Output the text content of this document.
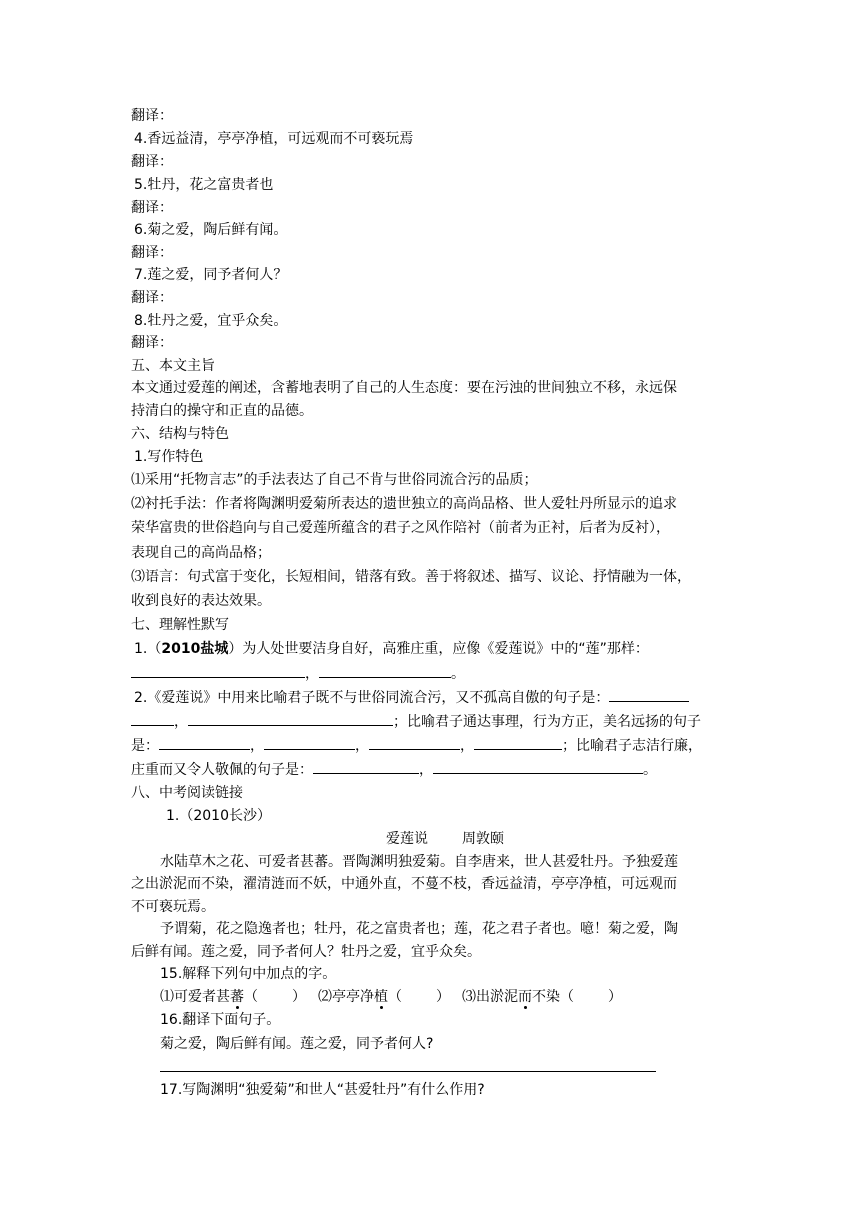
翻译：
4.香远益清，亭亭净植，可远观而不可亵玩焉
翻译：
5.牡丹，花之富贵者也
翻译：
6.菊之爱，陶后鲜有闻。
翻译：
7.莲之爱，同予者何人？
翻译：
8.牡丹之爱，宜乎众矣。
翻译：
五、本文主旨
本文通过爱莲的阐述，含蓄地表明了自己的人生态度：要在污浊的世间独立不移，永远保
持清白的操守和正直的品德。
六、结构与特色
1.写作特色
⑴采用“托物言志”的手法表达了自己不肯与世俗同流合污的品质；
⑵衬托手法：作者将陶渊明爱菊所表达的遗世独立的高尚品格、世人爱牡丹所显示的追求
荣华富贵的世俗趋向与自己爱莲所蕴含的君子之风作陪衬（前者为正衬，后者为反衬），
表现自己的高尚品格；
⑶语言：句式富于变化，长短相间，错落有致。善于将叙述、描写、议论、抒情融为一体，
收到良好的表达效果。
七、理解性默写
1.（2010盐城）为人处世要洁身自好，高雅庄重，应像《爱莲说》中的“莲”那样：
，	。
2.《爱莲说》中用来比喻君子既不与世俗同流合污，又不孤高自傲的句子是：
，	；比喻君子通达事理，行为方正，美名远扬的句子
是：	，	，	，	；比喻君子志洁行廉，
庄重而又令人敬佩的句子是：	，	。
八、中考阅读链接
1.（2010长沙）
爱莲说 周敦颐
水陆草木之花、可爱者甚蕃。晋陶渊明独爱菊。自李唐来，世人甚爱牡丹。予独爱莲
之出淤泥而不染，濯清涟而不妖，中通外直，不蔓不枝，香远益清，亭亭净植，可远观而
不可亵玩焉。
予谓菊，花之隐逸者也；牡丹，花之富贵者也；莲，花之君子者也。噫！菊之爱，陶
后鲜有闻。莲之爱，同予者何人？牡丹之爱，宜乎众矣。
15.解释下列句中加点的字。
⑴可爱者甚蕃（ ） ⑵亭亭净植（ ） ⑶出淤泥而不染（ ）
16.翻译下面句子。
菊之爱，陶后鲜有闻。莲之爱，同予者何人?
17.写陶渊明“独爱菊”和世人“甚爱牡丹”有什么作用?
